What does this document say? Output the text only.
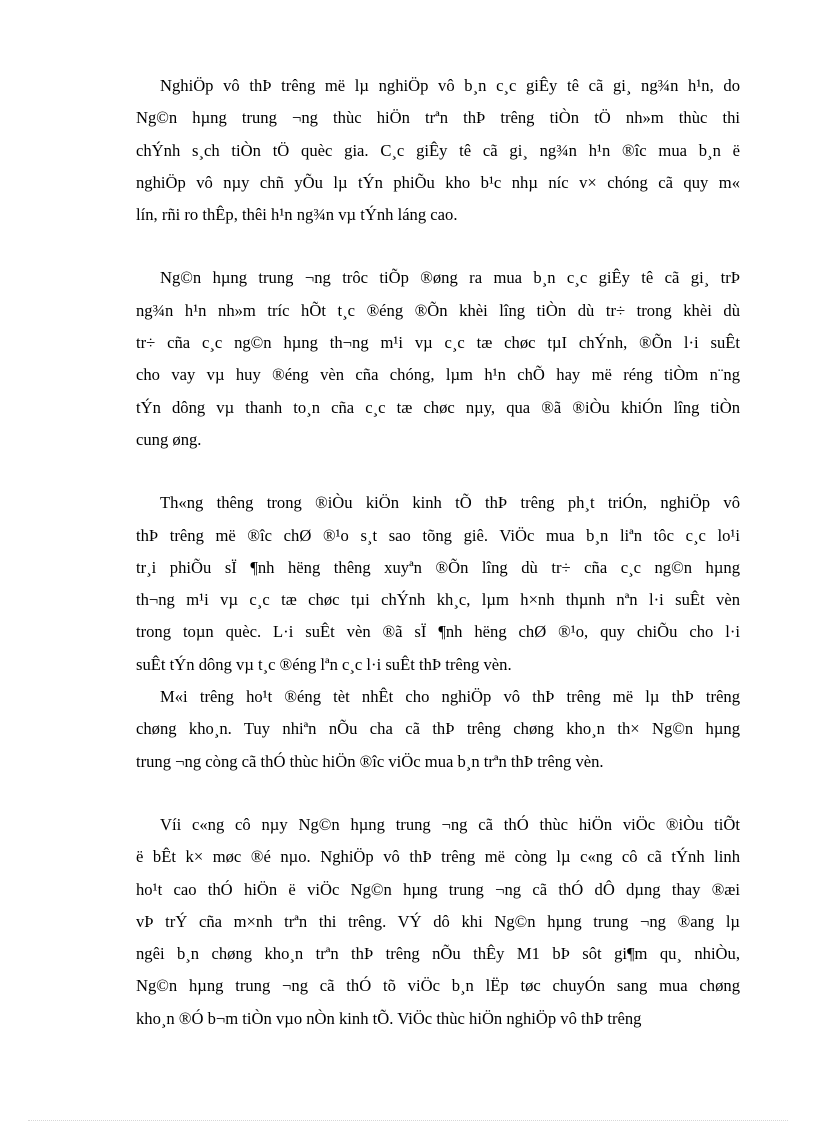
NghiÖp vô thÞ trêng më lµ nghiÖp vô b¸n c¸c giÊy tê cã gi¸ ng¾n h¹n, do
Ng©n hµng trung ¬ng thùc hiÖn trªn thÞ trêng tiÒn tÖ nh»m thùc thi
chÝnh s¸ch tiÒn tÖ quèc gia. C¸c giÊy tê cã gi¸ ng¾n h¹n ®îc mua b¸n ë
nghiÖp vô nµy chñ yÕu lµ tÝn phiÕu kho b¹c nhµ níc v× chóng cã quy m«
lín, rñi ro thÊp, thêi h¹n ng¾n vµ tÝnh láng cao.
Ng©n hµng trung ¬ng trôc tiÕp ®øng ra mua b¸n c¸c giÊy tê cã gi¸ trÞ
ng¾n h¹n nh»m tríc hÕt t¸c ®éng ®Õn khèi lîng tiÒn dù tr÷ trong khèi dù
tr÷ cña c¸c ng©n hµng th¬ng m¹i vµ c¸c tæ chøc tµI chÝnh, ®Õn l·i suÊt
cho vay vµ huy ®éng vèn cña chóng, lµm h¹n chÕ hay më réng tiÒm n¨ng
tÝn dông vµ thanh to¸n cña c¸c tæ chøc nµy, qua ®ã ®iÒu khiÓn lîng tiÒn
cung øng.
Th«ng thêng trong ®iÒu kiÖn kinh tÕ thÞ trêng ph¸t triÓn, nghiÖp vô
thÞ trêng më ®îc chØ ®¹o s¸t sao tõng giê. ViÖc mua b¸n liªn tôc c¸c lo¹i
tr¸i phiÕu sÏ ¶nh hëng thêng xuyªn ®Õn lîng dù tr÷ cña c¸c ng©n hµng
th¬ng m¹i vµ c¸c tæ chøc tµi chÝnh kh¸c, lµm h×nh thµnh nªn l·i suÊt vèn
trong toµn quèc. L·i suÊt vèn ®ã sÏ ¶nh hëng chØ ®¹o, quy chiÕu cho l·i
suÊt tÝn dông vµ t¸c ®éng lªn c¸c l·i suÊt thÞ trêng vèn.
M«i trêng ho¹t ®éng tèt nhÊt cho nghiÖp vô thÞ trêng më lµ thÞ trêng
chøng kho¸n. Tuy nhiªn nÕu cha cã thÞ trêng chøng kho¸n th× Ng©n hµng
trung ¬ng còng cã thÓ thùc hiÖn ®îc viÖc mua b¸n trªn thÞ trêng vèn.
Víi c«ng cô nµy Ng©n hµng trung ¬ng cã thÓ thùc hiÖn viÖc ®iÒu tiÕt
ë bÊt k× møc ®é nµo. NghiÖp vô thÞ trêng më còng lµ c«ng cô cã tÝnh linh
ho¹t cao thÓ hiÖn ë viÖc Ng©n hµng trung ¬ng cã thÓ dÔ dµng thay ®æi
vÞ trÝ cña m×nh trªn thi trêng. VÝ dô khi Ng©n hµng trung ¬ng ®ang lµ
ngêi b¸n chøng kho¸n trªn thÞ trêng nÕu thÊy M1 bÞ sôt gi¶m qu¸ nhiÒu,
Ng©n hµng trung ¬ng cã thÓ tõ viÖc b¸n lËp tøc chuyÓn sang mua chøng
kho¸n ®Ó b¬m tiÒn vµo nÒn kinh tÕ. ViÖc thùc hiÖn nghiÖp vô thÞ trêng
